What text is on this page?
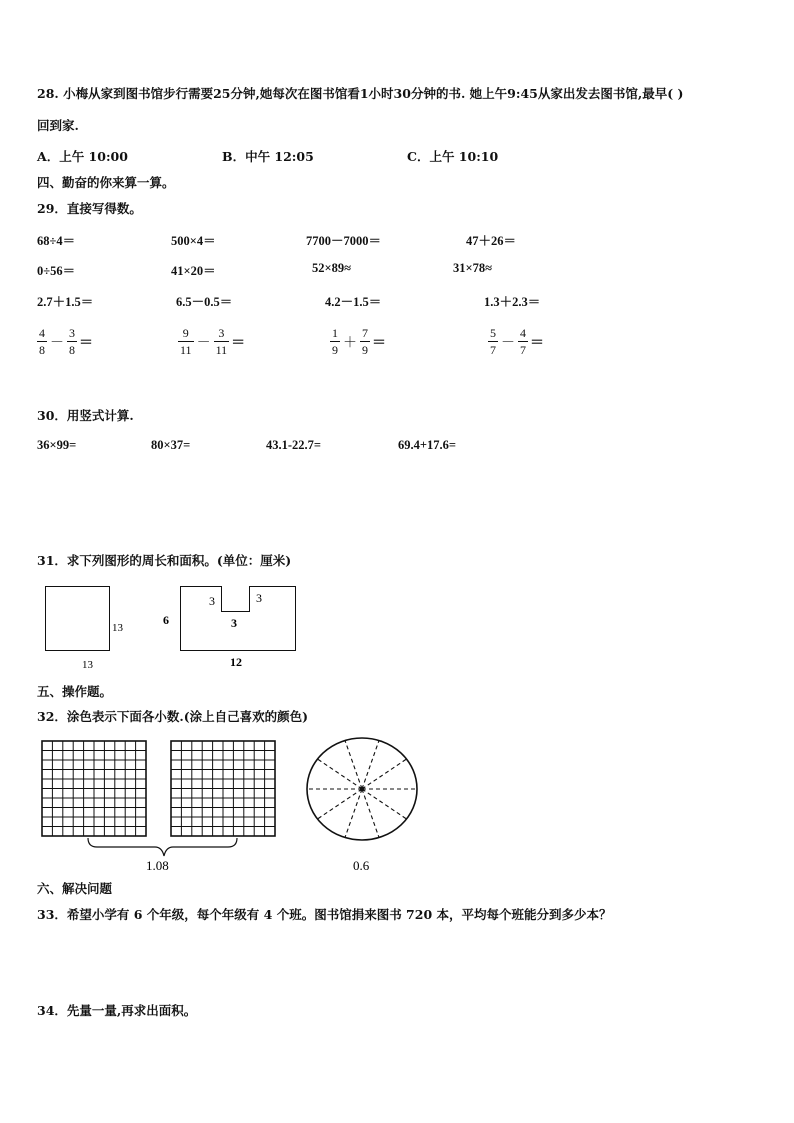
28. 小梅从家到图书馆步行需要25分钟,她每次在图书馆看1小时30分钟的书. 她上午9:45从家出发去图书馆,最早( )
回到家.
A．上午 10:00	B．中午 12:05	C．上午 10:10
四、勤奋的你来算一算。
29．直接写得数。
68÷4＝	500×4＝	7700－7000＝	47＋26＝
0÷56＝	41×20＝	52×89≈	31×78≈
2.7＋1.5＝	6.5－0.5＝	4.2－1.5＝	1.3＋2.3＝
$\frac{4}{8} - \frac{3}{8}$ ＝	$\frac{9}{11} - \frac{3}{11}$ ＝	$\frac{1}{9} + \frac{7}{9}$ ＝	$\frac{5}{7} - \frac{4}{7}$ ＝
30．用竖式计算.
36×99=	80×37=	43.1-22.7=	69.4+17.6=
31．求下列图形的周长和面积。(单位：厘米)
13
13
6
3	3
3
12
1.08	0.6
五、操作题。
32．涂色表示下面各小数.(涂上自己喜欢的颜色)
六、解决问题
33．希望小学有 6 个年级，每个年级有 4 个班。图书馆捐来图书 720 本，平均每个班能分到多少本？
34．先量一量,再求出面积。
